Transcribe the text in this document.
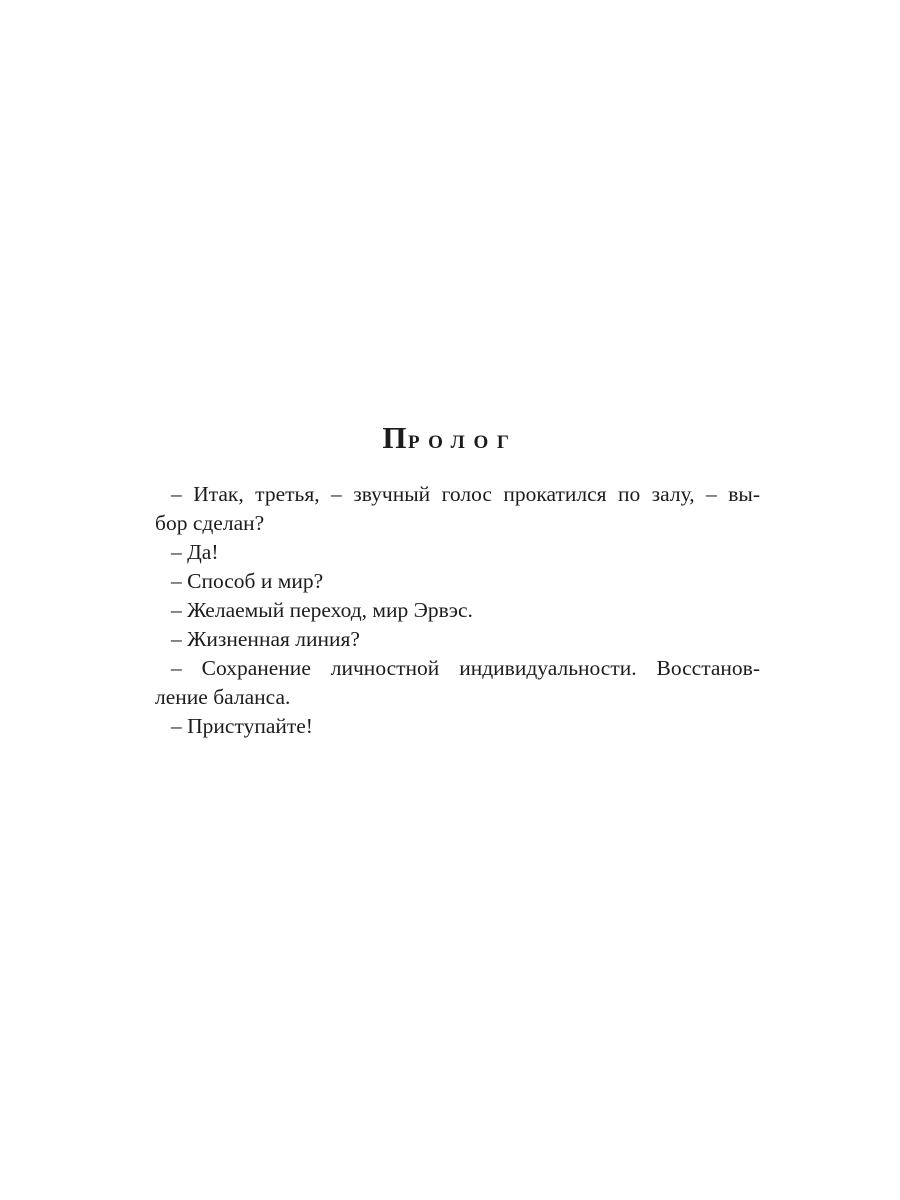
Пролог
– Итак, третья, – звучный голос прокатился по залу, – вы-
бор сделан?
– Да!
– Способ и мир?
– Желаемый переход, мир Эрвэс.
– Жизненная линия?
– Сохранение личностной индивидуальности. Восстанов-
ление баланса.
– Приступайте!
